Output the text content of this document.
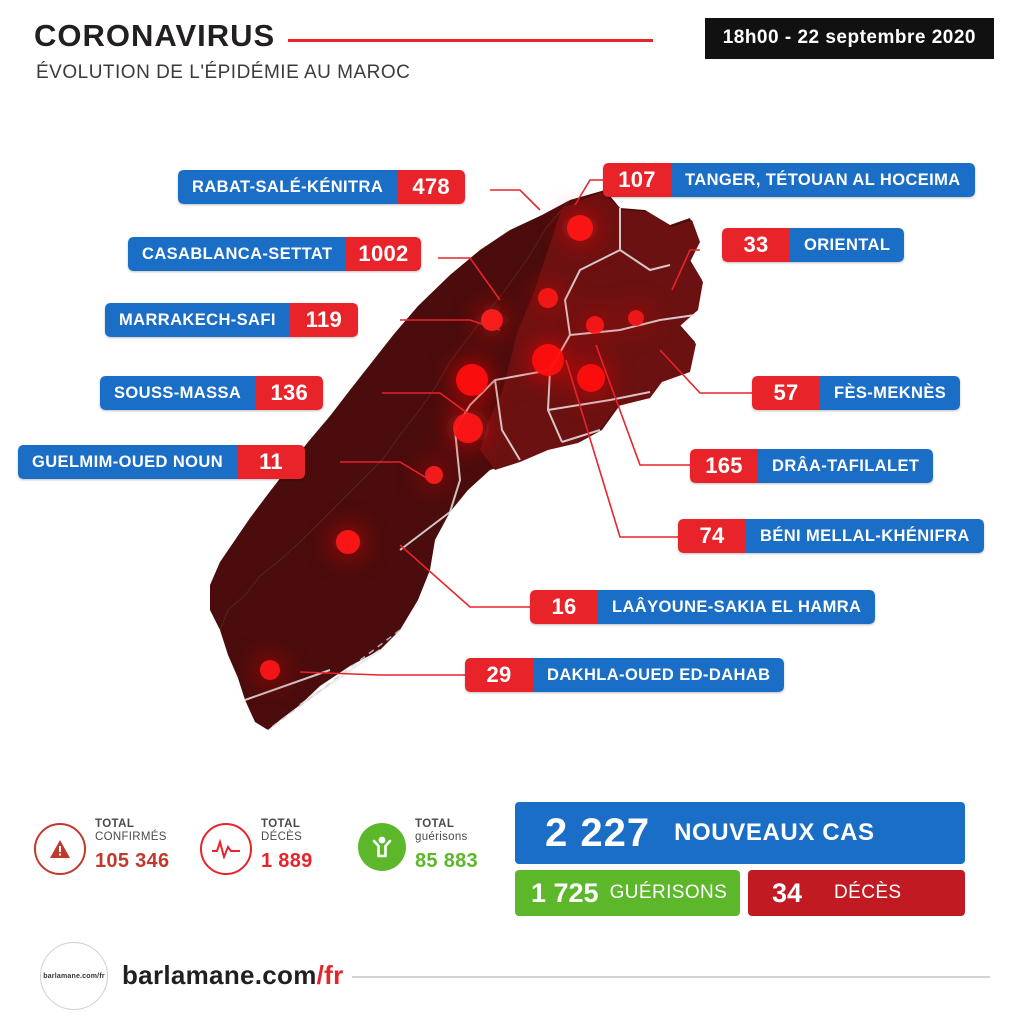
CORONAVIRUS
ÉVOLUTION DE L'ÉPIDÉMIE AU MAROC
18h00 - 22 septembre 2020
RABAT-SALÉ-KÉNITRA	478
CASABLANCA-SETTAT	1002
MARRAKECH-SAFI	119
SOUSS-MASSA	136
GUELMIM-OUED NOUN	11
107	TANGER, TÉTOUAN AL HOCEIMA
33	ORIENTAL
57	FÈS-MEKNÈS
165	DRÂA-TAFILALET
74	BÉNI MELLAL-KHÉNIFRA
16	LAÂYOUNE-SAKIA EL HAMRA
29	DAKHLA-OUED ED-DAHAB
TOTAL
CONFIRMÉS
105 346
TOTAL
DÉCÈS
1 889
TOTAL
guérisons
85 883
2 227 NOUVEAUX CAS
1 725 GUÉRISONS 34 DÉCÈS
barlamane.com/fr barlamane.com/fr
